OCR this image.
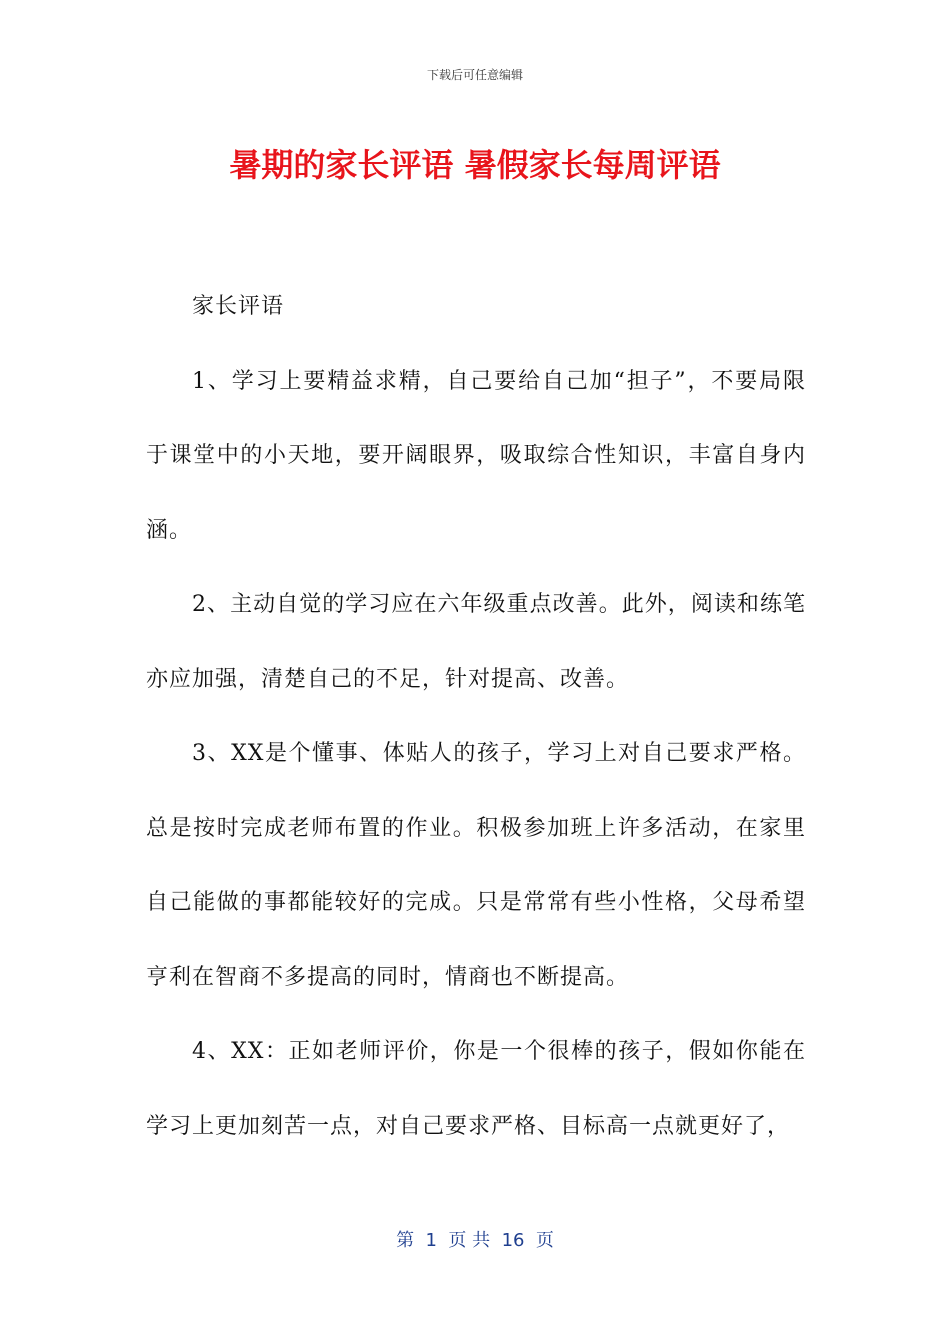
下载后可任意编辑
暑期的家长评语 暑假家长每周评语

家长评语

1、学习上要精益求精，自己要给自己加“担子”，不要局限于课堂中的小天地，要开阔眼界，吸取综合性知识，丰富自身内涵。

2、主动自觉的学习应在六年级重点改善。此外，阅读和练笔亦应加强，清楚自己的不足，针对提高、改善。

3、XX是个懂事、体贴人的孩子，学习上对自己要求严格。总是按时完成老师布置的作业。积极参加班上许多活动，在家里自己能做的事都能较好的完成。只是常常有些小性格，父母希望亨利在智商不多提高的同时，情商也不断提高。

4、XX：正如老师评价，你是一个很棒的孩子，假如你能在学习上更加刻苦一点，对自己要求严格、目标高一点就更好了，

第  1  页 共  16  页
